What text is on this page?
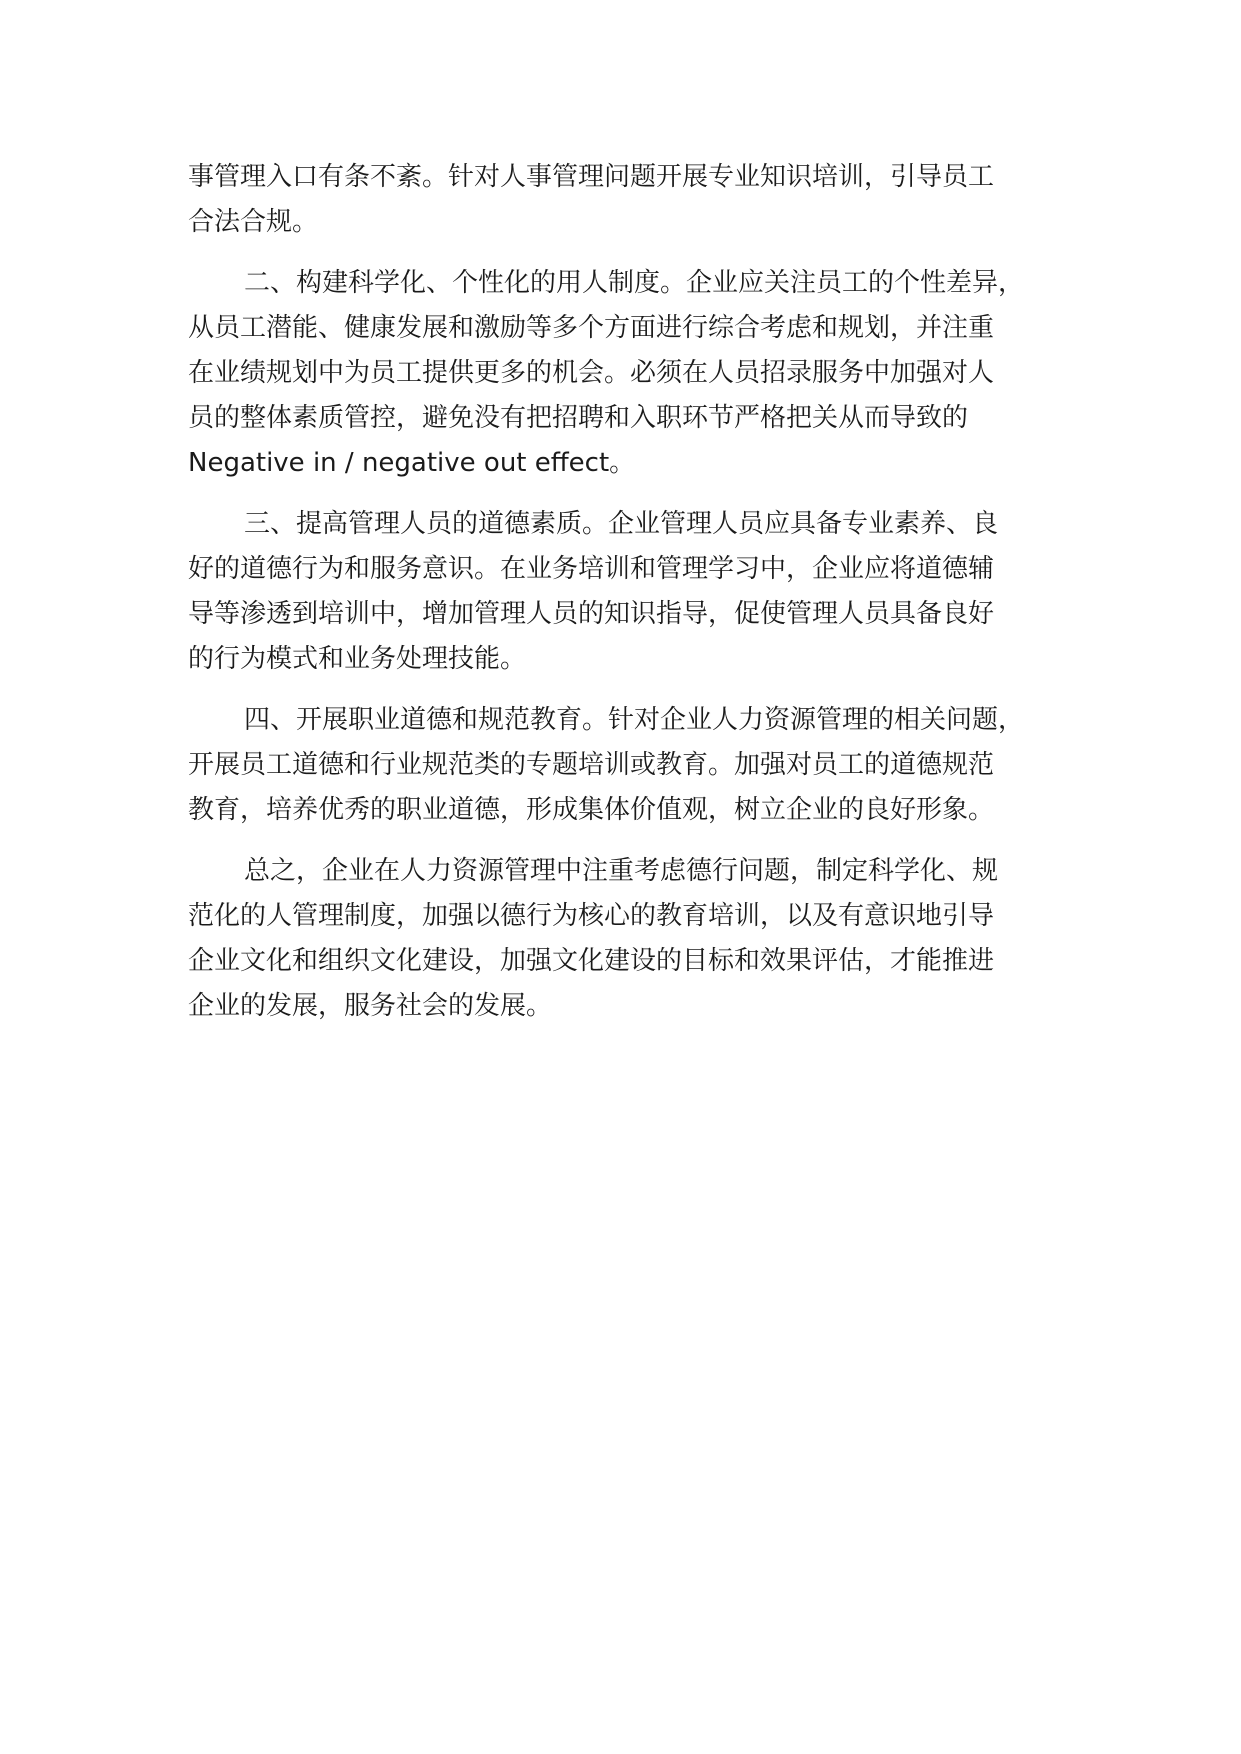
事管理入口有条不紊。针对人事管理问题开展专业知识培训，引导员工
合法合规。

二、构建科学化、个性化的用人制度。企业应关注员工的个性差异，
从员工潜能、健康发展和激励等多个方面进行综合考虑和规划，并注重
在业绩规划中为员工提供更多的机会。必须在人员招录服务中加强对人
员的整体素质管控，避免没有把招聘和入职环节严格把关从而导致的
Negative in / negative out effect。

三、提高管理人员的道德素质。企业管理人员应具备专业素养、良
好的道德行为和服务意识。在业务培训和管理学习中，企业应将道德辅
导等渗透到培训中，增加管理人员的知识指导，促使管理人员具备良好
的行为模式和业务处理技能。

四、开展职业道德和规范教育。针对企业人力资源管理的相关问题，
开展员工道德和行业规范类的专题培训或教育。加强对员工的道德规范
教育，培养优秀的职业道德，形成集体价值观，树立企业的良好形象。

总之，企业在人力资源管理中注重考虑德行问题，制定科学化、规
范化的人管理制度，加强以德行为核心的教育培训，以及有意识地引导
企业文化和组织文化建设，加强文化建设的目标和效果评估，才能推进
企业的发展，服务社会的发展。
